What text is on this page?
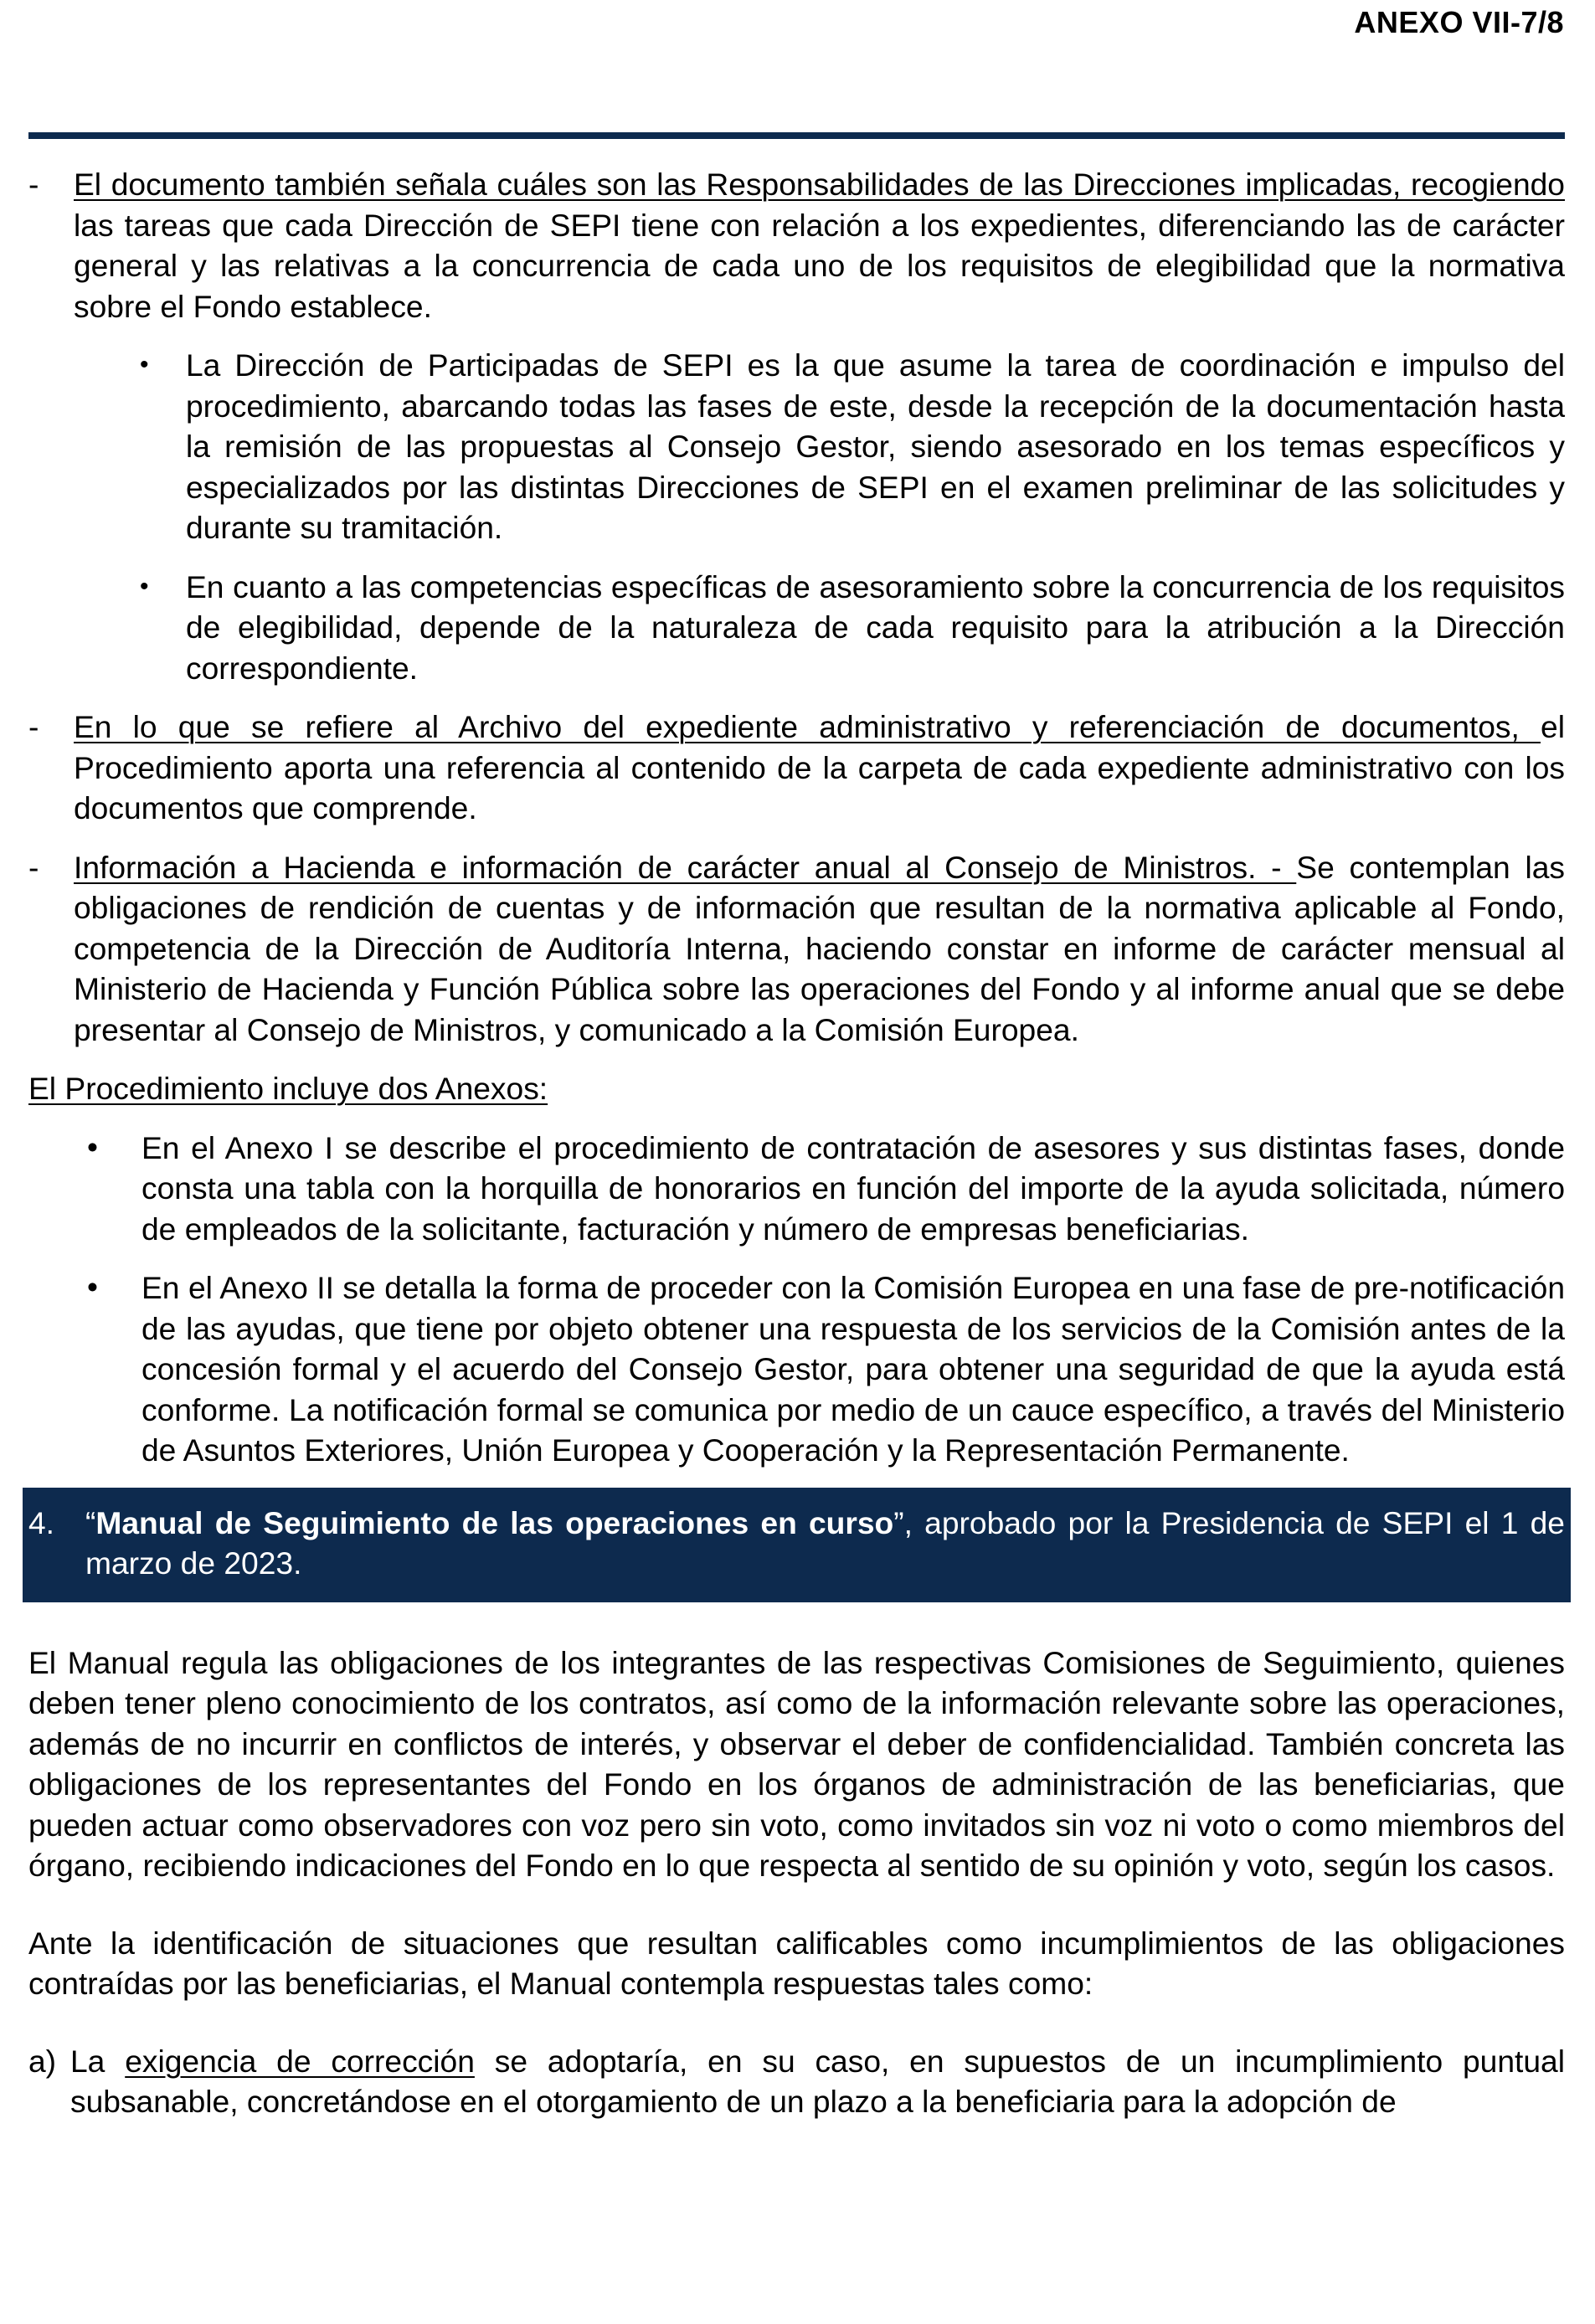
ANEXO VII-7/8
- El documento también señala cuáles son las Responsabilidades de las Direcciones implicadas, recogiendo las tareas que cada Dirección de SEPI tiene con relación a los expedientes, diferenciando las de carácter general y las relativas a la concurrencia de cada uno de los requisitos de elegibilidad que la normativa sobre el Fondo establece.
• La Dirección de Participadas de SEPI es la que asume la tarea de coordinación e impulso del procedimiento, abarcando todas las fases de este, desde la recepción de la documentación hasta la remisión de las propuestas al Consejo Gestor, siendo asesorado en los temas específicos y especializados por las distintas Direcciones de SEPI en el examen preliminar de las solicitudes y durante su tramitación.
• En cuanto a las competencias específicas de asesoramiento sobre la concurrencia de los requisitos de elegibilidad, depende de la naturaleza de cada requisito para la atribución a la Dirección correspondiente.
- En lo que se refiere al Archivo del expediente administrativo y referenciación de documentos, el Procedimiento aporta una referencia al contenido de la carpeta de cada expediente administrativo con los documentos que comprende.
- Información a Hacienda e información de carácter anual al Consejo de Ministros. - Se contemplan las obligaciones de rendición de cuentas y de información que resultan de la normativa aplicable al Fondo, competencia de la Dirección de Auditoría Interna, haciendo constar en informe de carácter mensual al Ministerio de Hacienda y Función Pública sobre las operaciones del Fondo y al informe anual que se debe presentar al Consejo de Ministros, y comunicado a la Comisión Europea.

El Procedimiento incluye dos Anexos:

• En el Anexo I se describe el procedimiento de contratación de asesores y sus distintas fases, donde consta una tabla con la horquilla de honorarios en función del importe de la ayuda solicitada, número de empleados de la solicitante, facturación y número de empresas beneficiarias.
• En el Anexo II se detalla la forma de proceder con la Comisión Europea en una fase de pre-notificación de las ayudas, que tiene por objeto obtener una respuesta de los servicios de la Comisión antes de la concesión formal y el acuerdo del Consejo Gestor, para obtener una seguridad de que la ayuda está conforme. La notificación formal se comunica por medio de un cauce específico, a través del Ministerio de Asuntos Exteriores, Unión Europea y Cooperación y la Representación Permanente.
4. “Manual de Seguimiento de las operaciones en curso”, aprobado por la Presidencia de SEPI el 1 de marzo de 2023.

El Manual regula las obligaciones de los integrantes de las respectivas Comisiones de Seguimiento, quienes deben tener pleno conocimiento de los contratos, así como de la información relevante sobre las operaciones, además de no incurrir en conflictos de interés, y observar el deber de confidencialidad. También concreta las obligaciones de los representantes del Fondo en los órganos de administración de las beneficiarias, que pueden actuar como observadores con voz pero sin voto, como invitados sin voz ni voto o como miembros del órgano, recibiendo indicaciones del Fondo en lo que respecta al sentido de su opinión y voto, según los casos.

Ante la identificación de situaciones que resultan calificables como incumplimientos de las obligaciones contraídas por las beneficiarias, el Manual contempla respuestas tales como:

a) La exigencia de corrección se adoptaría, en su caso, en supuestos de un incumplimiento puntual subsanable, concretándose en el otorgamiento de un plazo a la beneficiaria para la adopción de
